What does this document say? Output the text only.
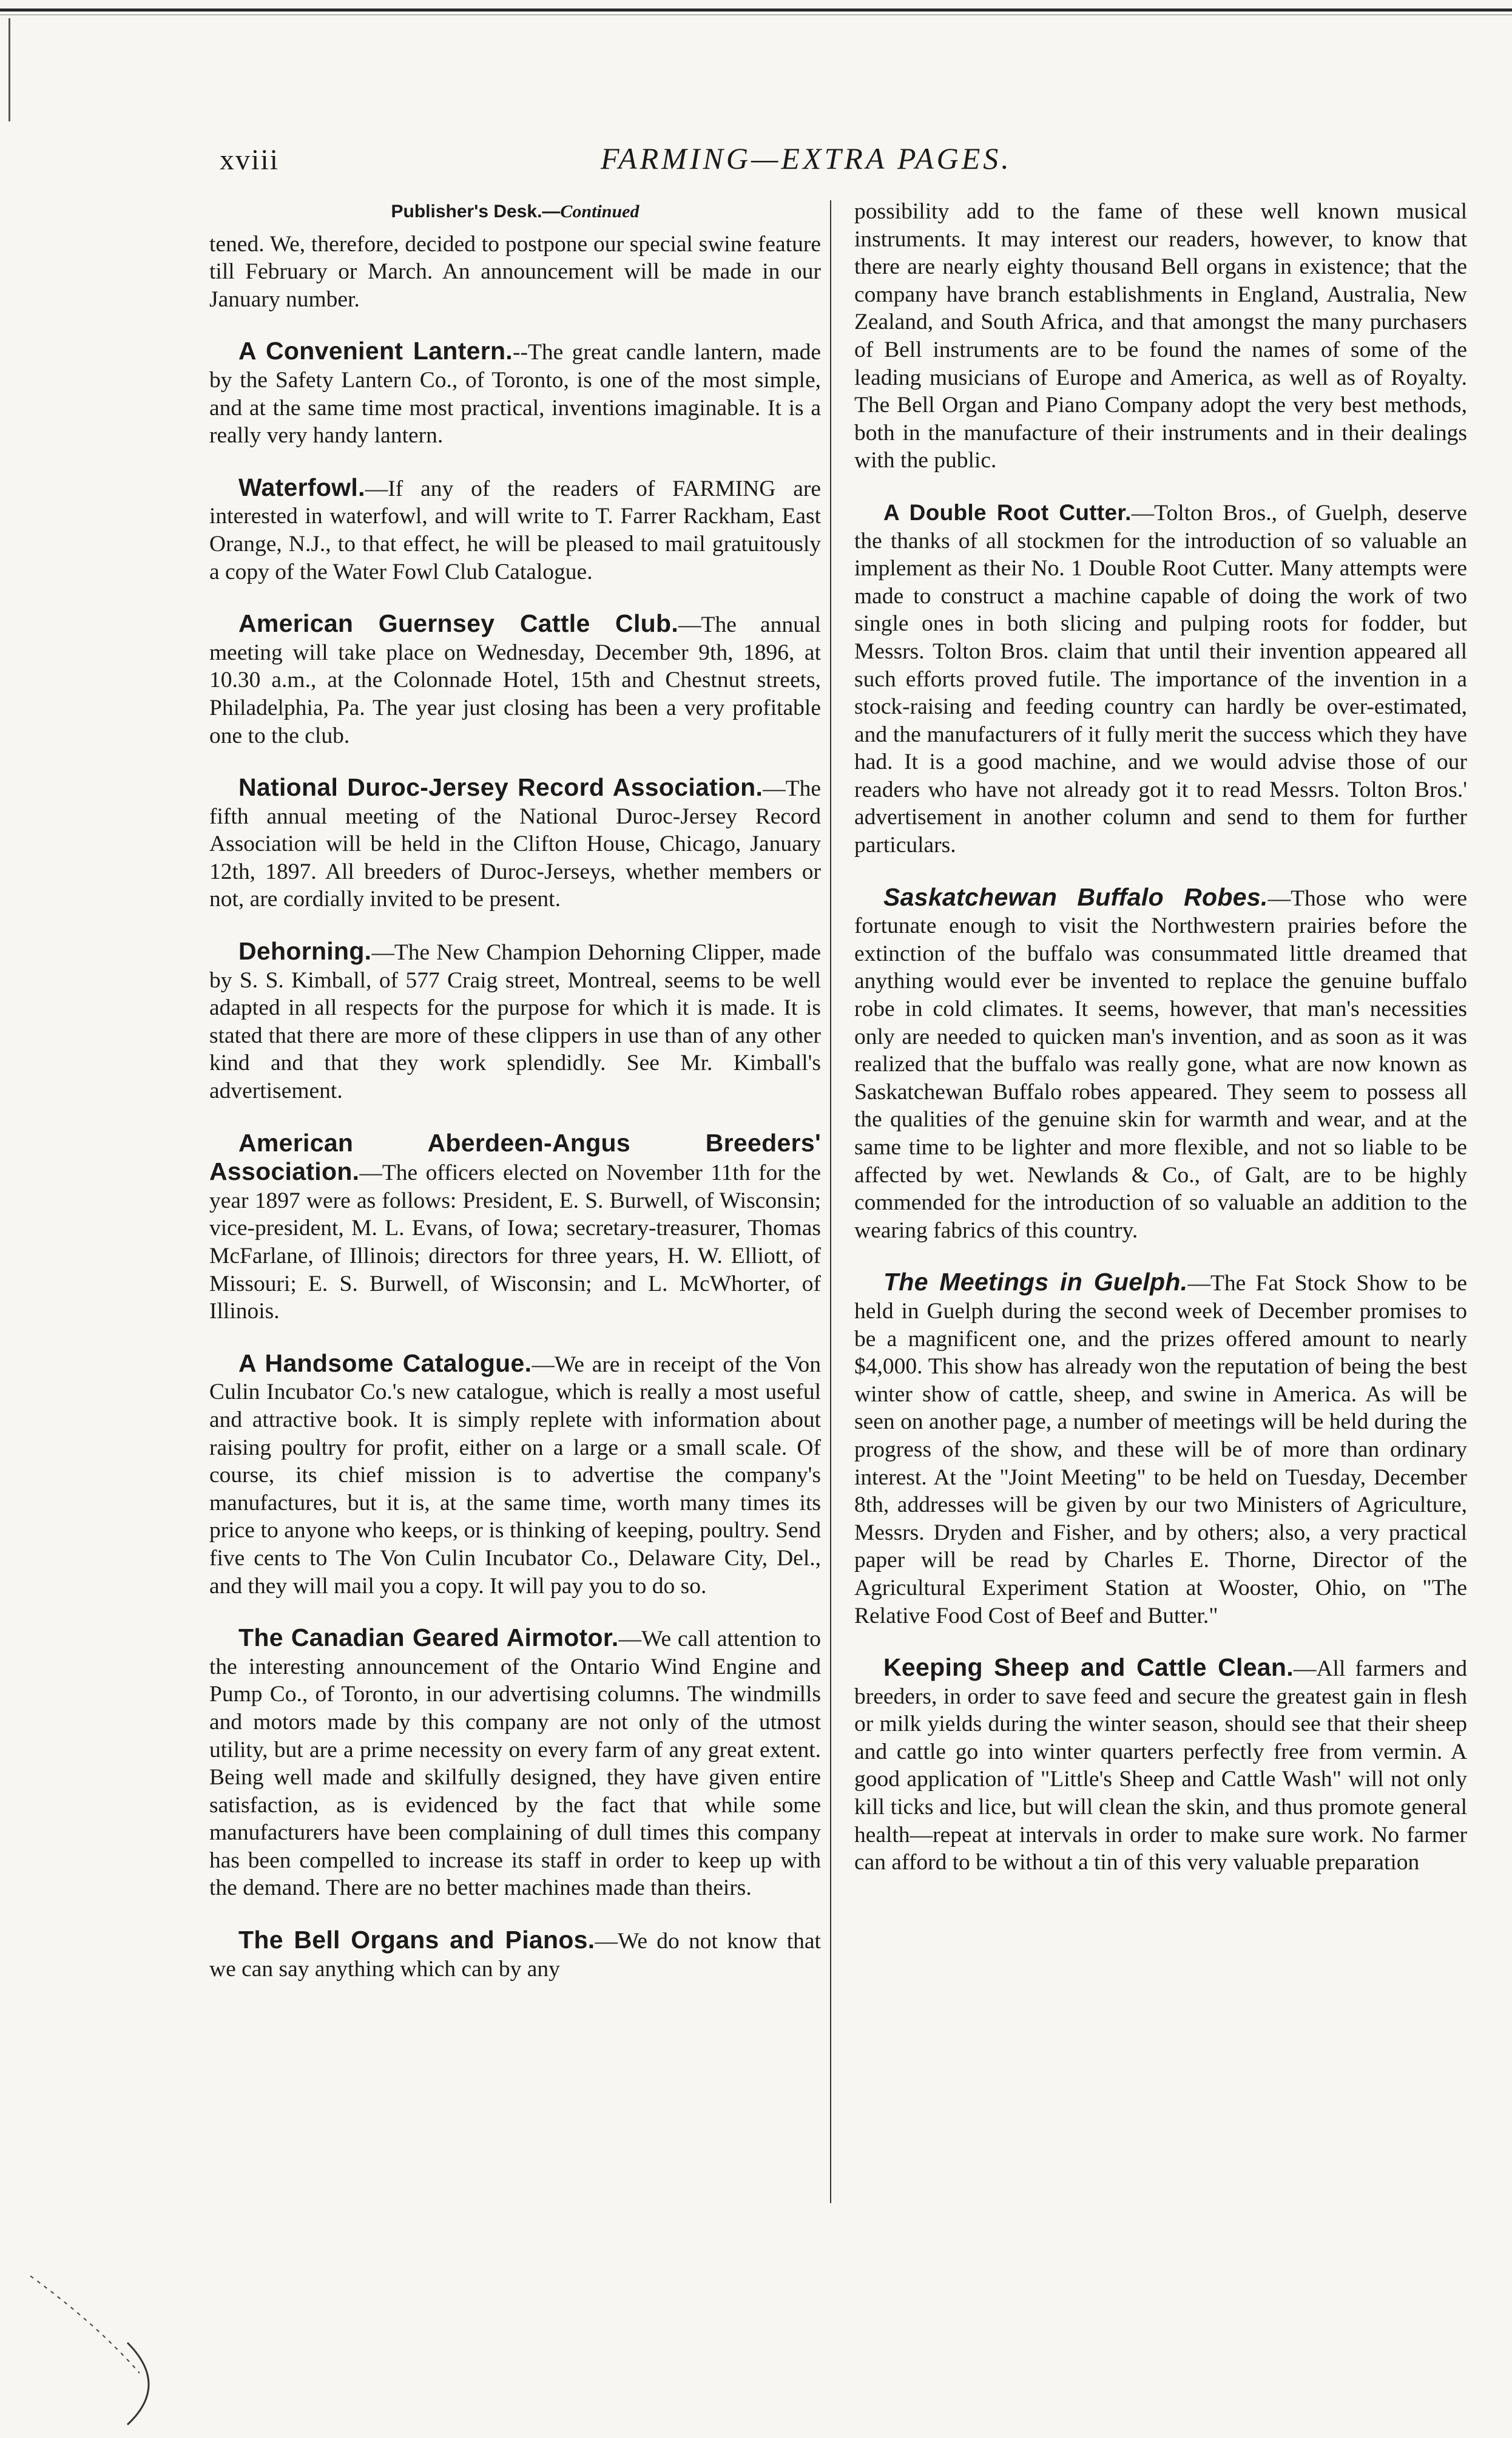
xviii	FARMING—EXTRA PAGES.
Publisher's Desk.—Continued

tened. We, therefore, decided to postpone our special swine feature till February or March. An announcement will be made in our January number.

A Convenient Lantern.--The great candle lantern, made by the Safety Lantern Co., of Toronto, is one of the most simple, and at the same time most practical, inventions imaginable. It is a really very handy lantern.

Waterfowl.—If any of the readers of FARMING are interested in waterfowl, and will write to T. Farrer Rackham, East Orange, N.J., to that effect, he will be pleased to mail gratuitously a copy of the Water Fowl Club Catalogue.

American Guernsey Cattle Club.—The annual meeting will take place on Wednesday, December 9th, 1896, at 10.30 a.m., at the Colonnade Hotel, 15th and Chestnut streets, Philadelphia, Pa. The year just closing has been a very profitable one to the club.

National Duroc-Jersey Record Association.—The fifth annual meeting of the National Duroc-Jersey Record Association will be held in the Clifton House, Chicago, January 12th, 1897. All breeders of Duroc-Jerseys, whether members or not, are cordially invited to be present.

Dehorning.—The New Champion Dehorning Clipper, made by S. S. Kimball, of 577 Craig street, Montreal, seems to be well adapted in all respects for the purpose for which it is made. It is stated that there are more of these clippers in use than of any other kind and that they work splendidly. See Mr. Kimball's advertisement.

American Aberdeen-Angus Breeders' Association.—The officers elected on November 11th for the year 1897 were as follows: President, E. S. Burwell, of Wisconsin; vice-president, M. L. Evans, of Iowa; secretary-treasurer, Thomas McFarlane, of Illinois; directors for three years, H. W. Elliott, of Missouri; E. S. Burwell, of Wisconsin; and L. McWhorter, of Illinois.

A Handsome Catalogue.—We are in receipt of the Von Culin Incubator Co.'s new catalogue, which is really a most useful and attractive book. It is simply replete with information about raising poultry for profit, either on a large or a small scale. Of course, its chief mission is to advertise the company's manufactures, but it is, at the same time, worth many times its price to anyone who keeps, or is thinking of keeping, poultry. Send five cents to The Von Culin Incubator Co., Delaware City, Del., and they will mail you a copy. It will pay you to do so.

The Canadian Geared Airmotor.—We call attention to the interesting announcement of the Ontario Wind Engine and Pump Co., of Toronto, in our advertising columns. The windmills and motors made by this company are not only of the utmost utility, but are a prime necessity on every farm of any great extent. Being well made and skilfully designed, they have given entire satisfaction, as is evidenced by the fact that while some manufacturers have been complaining of dull times this company has been compelled to increase its staff in order to keep up with the demand. There are no better machines made than theirs.

The Bell Organs and Pianos.—We do not know that we can say anything which can by any

possibility add to the fame of these well known musical instruments. It may interest our readers, however, to know that there are nearly eighty thousand Bell organs in existence; that the company have branch establishments in England, Australia, New Zealand, and South Africa, and that amongst the many purchasers of Bell instruments are to be found the names of some of the leading musicians of Europe and America, as well as of Royalty. The Bell Organ and Piano Company adopt the very best methods, both in the manufacture of their instruments and in their dealings with the public.

A Double Root Cutter.—Tolton Bros., of Guelph, deserve the thanks of all stockmen for the introduction of so valuable an implement as their No. 1 Double Root Cutter. Many attempts were made to construct a machine capable of doing the work of two single ones in both slicing and pulping roots for fodder, but Messrs. Tolton Bros. claim that until their invention appeared all such efforts proved futile. The importance of the invention in a stock-raising and feeding country can hardly be over-estimated, and the manufacturers of it fully merit the success which they have had. It is a good machine, and we would advise those of our readers who have not already got it to read Messrs. Tolton Bros.' advertisement in another column and send to them for further particulars.

Saskatchewan Buffalo Robes.—Those who were fortunate enough to visit the Northwestern prairies before the extinction of the buffalo was consummated little dreamed that anything would ever be invented to replace the genuine buffalo robe in cold climates. It seems, however, that man's necessities only are needed to quicken man's invention, and as soon as it was realized that the buffalo was really gone, what are now known as Saskatchewan Buffalo robes appeared. They seem to possess all the qualities of the genuine skin for warmth and wear, and at the same time to be lighter and more flexible, and not so liable to be affected by wet. Newlands & Co., of Galt, are to be highly commended for the introduction of so valuable an addition to the wearing fabrics of this country.

The Meetings in Guelph.—The Fat Stock Show to be held in Guelph during the second week of December promises to be a magnificent one, and the prizes offered amount to nearly $4,000. This show has already won the reputation of being the best winter show of cattle, sheep, and swine in America. As will be seen on another page, a number of meetings will be held during the progress of the show, and these will be of more than ordinary interest. At the "Joint Meeting" to be held on Tuesday, December 8th, addresses will be given by our two Ministers of Agriculture, Messrs. Dryden and Fisher, and by others; also, a very practical paper will be read by Charles E. Thorne, Director of the Agricultural Experiment Station at Wooster, Ohio, on "The Relative Food Cost of Beef and Butter."

Keeping Sheep and Cattle Clean.—All farmers and breeders, in order to save feed and secure the greatest gain in flesh or milk yields during the winter season, should see that their sheep and cattle go into winter quarters perfectly free from vermin. A good application of "Little's Sheep and Cattle Wash" will not only kill ticks and lice, but will clean the skin, and thus promote general health—repeat at intervals in order to make sure work. No farmer can afford to be without a tin of this very valuable preparation
